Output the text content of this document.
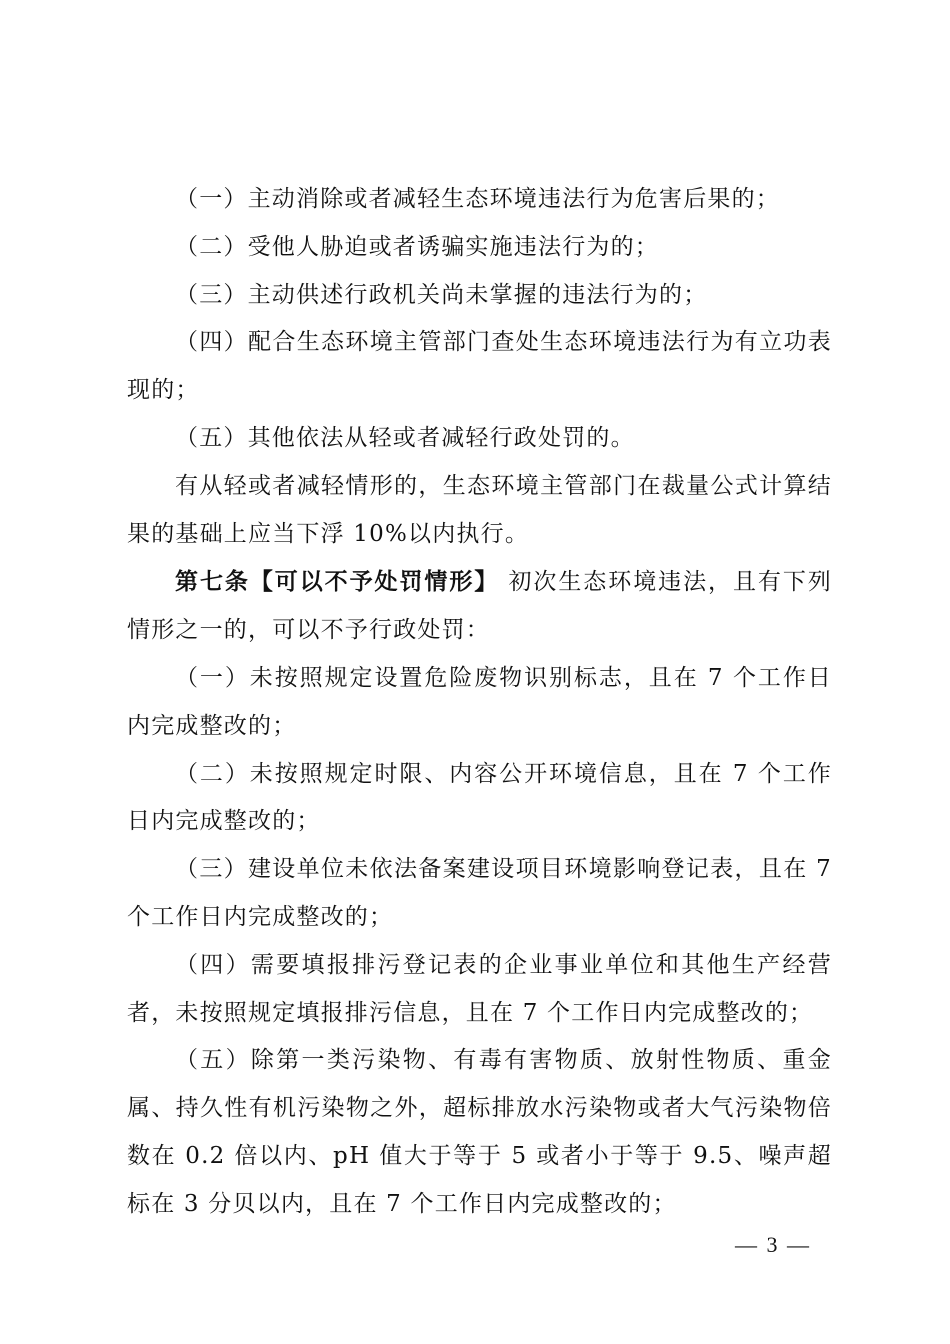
（一）主动消除或者减轻生态环境违法行为危害后果的；

（二）受他人胁迫或者诱骗实施违法行为的；

（三）主动供述行政机关尚未掌握的违法行为的；

（四）配合生态环境主管部门查处生态环境违法行为有立功表现的；

（五）其他依法从轻或者减轻行政处罚的。

有从轻或者减轻情形的，生态环境主管部门在裁量公式计算结果的基础上应当下浮 10%以内执行。

第七条【可以不予处罚情形】 初次生态环境违法，且有下列情形之一的，可以不予行政处罚：

（一）未按照规定设置危险废物识别标志，且在 7 个工作日内完成整改的；

（二）未按照规定时限、内容公开环境信息，且在 7 个工作日内完成整改的；

（三）建设单位未依法备案建设项目环境影响登记表，且在 7 个工作日内完成整改的；

（四）需要填报排污登记表的企业事业单位和其他生产经营者，未按照规定填报排污信息，且在 7 个工作日内完成整改的；

（五）除第一类污染物、有毒有害物质、放射性物质、重金属、持久性有机污染物之外，超标排放水污染物或者大气污染物倍数在 0.2 倍以内、pH 值大于等于 5 或者小于等于 9.5、噪声超标在 3 分贝以内，且在 7 个工作日内完成整改的；

— 3 —
